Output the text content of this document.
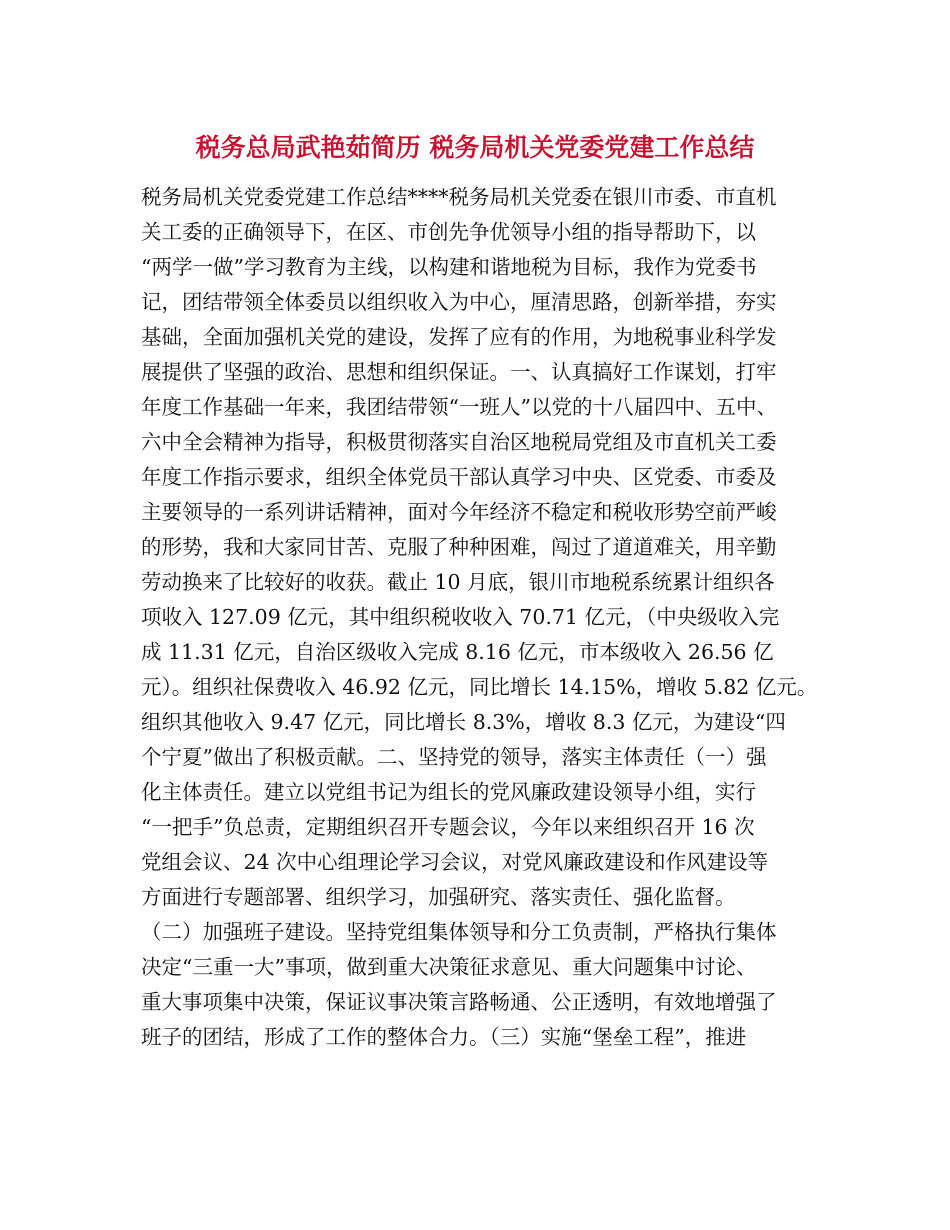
税务总局武艳茹简历 税务局机关党委党建工作总结
税务局机关党委党建工作总结****税务局机关党委在银川市委、市直机
关工委的正确领导下，在区、市创先争优领导小组的指导帮助下，以
“两学一做”学习教育为主线，以构建和谐地税为目标，我作为党委书
记，团结带领全体委员以组织收入为中心，厘清思路，创新举措，夯实
基础，全面加强机关党的建设，发挥了应有的作用，为地税事业科学发
展提供了坚强的政治、思想和组织保证。一、认真搞好工作谋划，打牢
年度工作基础一年来，我团结带领“一班人”以党的十八届四中、五中、
六中全会精神为指导，积极贯彻落实自治区地税局党组及市直机关工委
年度工作指示要求，组织全体党员干部认真学习中央、区党委、市委及
主要领导的一系列讲话精神，面对今年经济不稳定和税收形势空前严峻
的形势，我和大家同甘苦、克服了种种困难，闯过了道道难关，用辛勤
劳动换来了比较好的收获。截止 10 月底，银川市地税系统累计组织各
项收入 127.09 亿元，其中组织税收收入 70.71 亿元，（中央级收入完
成 11.31 亿元，自治区级收入完成 8.16 亿元，市本级收入 26.56 亿
元）。组织社保费收入 46.92 亿元，同比增长 14.15%，增收 5.82 亿元。
组织其他收入 9.47 亿元，同比增长 8.3%，增收 8.3 亿元，为建设“四
个宁夏”做出了积极贡献。二、坚持党的领导，落实主体责任（一）强
化主体责任。建立以党组书记为组长的党风廉政建设领导小组，实行
“一把手”负总责，定期组织召开专题会议，今年以来组织召开 16 次
党组会议、24 次中心组理论学习会议，对党风廉政建设和作风建设等
方面进行专题部署、组织学习，加强研究、落实责任、强化监督。
（二）加强班子建设。坚持党组集体领导和分工负责制，严格执行集体
决定“三重一大”事项，做到重大决策征求意见、重大问题集中讨论、
重大事项集中决策，保证议事决策言路畅通、公正透明，有效地增强了
班子的团结，形成了工作的整体合力。（三）实施“堡垒工程”，推进
